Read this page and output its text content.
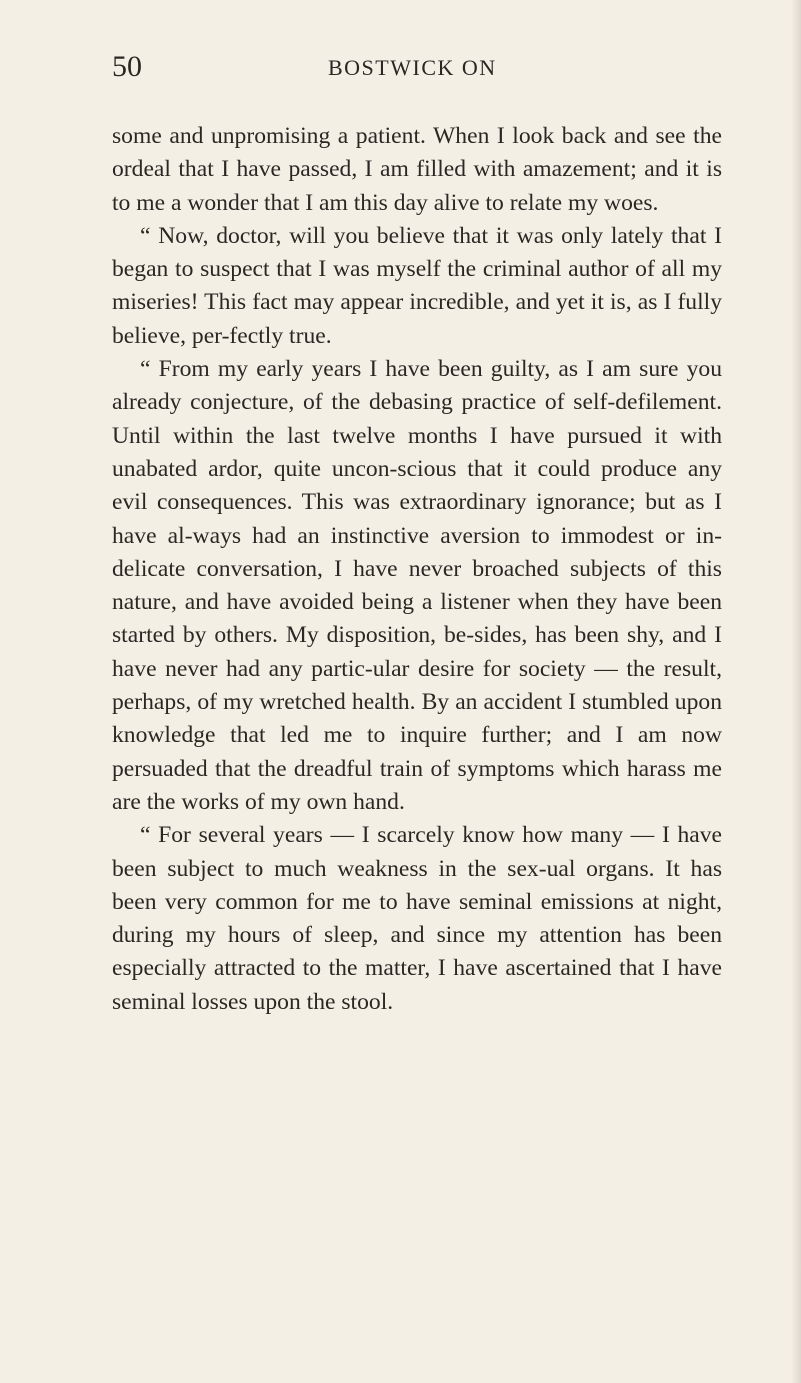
50	BOSTWICK ON

some and unpromising a patient. When I look back and see the ordeal that I have passed, I am filled with amazement; and it is to me a wonder that I am this day alive to relate my woes.

“ Now, doctor, will you believe that it was only lately that I began to suspect that I was myself the criminal author of all my miseries! This fact may appear incredible, and yet it is, as I fully believe, per-fectly true.

“ From my early years I have been guilty, as I am sure you already conjecture, of the debasing practice of self-defilement. Until within the last twelve months I have pursued it with unabated ardor, quite uncon-scious that it could produce any evil consequences. This was extraordinary ignorance; but as I have al-ways had an instinctive aversion to immodest or in-delicate conversation, I have never broached subjects of this nature, and have avoided being a listener when they have been started by others. My disposition, be-sides, has been shy, and I have never had any partic-ular desire for society — the result, perhaps, of my wretched health. By an accident I stumbled upon knowledge that led me to inquire further; and I am now persuaded that the dreadful train of symptoms which harass me are the works of my own hand.

“ For several years — I scarcely know how many — I have been subject to much weakness in the sex-ual organs. It has been very common for me to have seminal emissions at night, during my hours of sleep, and since my attention has been especially attracted to the matter, I have ascertained that I have seminal losses upon the stool.
